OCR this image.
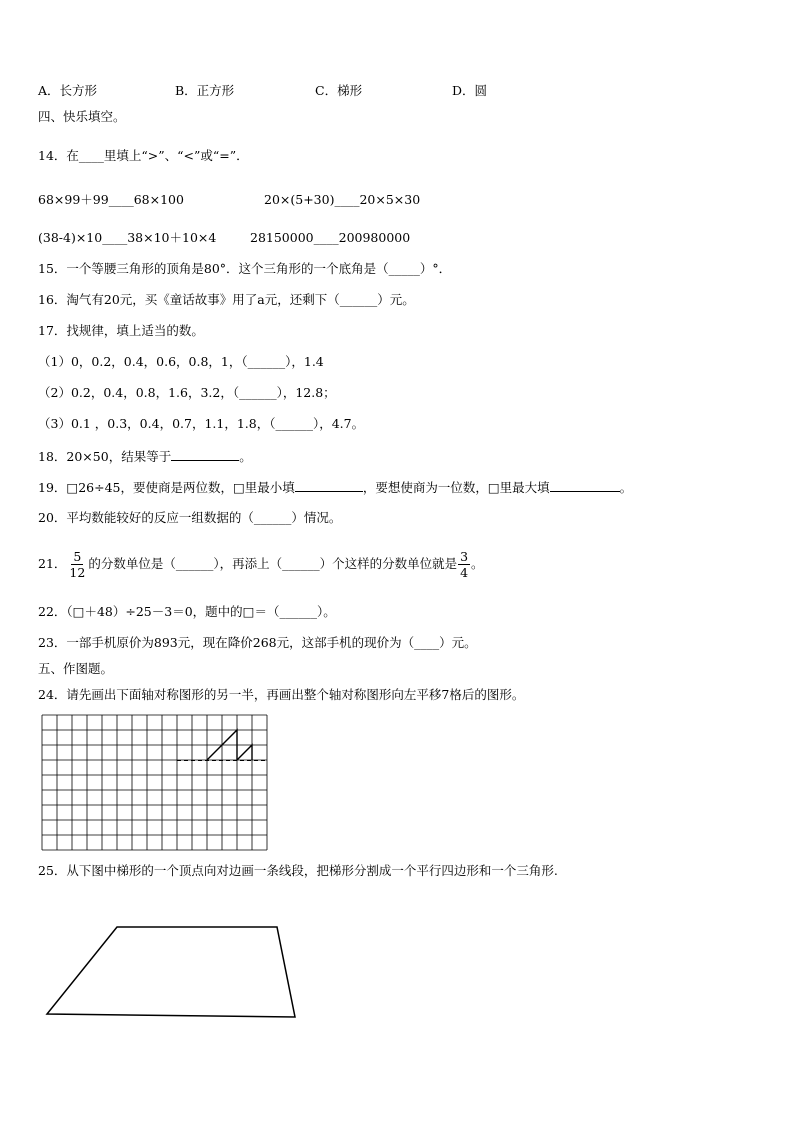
A．长方形	B．正方形	C．梯形	D．圆
四、快乐填空。
14．在____里填上“>”、“<”或“=”．
68×99＋99____68×100	20×(5+30)____20×5×30
(38-4)×10____38×10＋10×4	28150000____200980000
15．一个等腰三角形的顶角是80°．这个三角形的一个底角是（_____）°．
16．淘气有20元，买《童话故事》用了a元，还剩下（______）元。
17．找规律，填上适当的数。
（1）0，0.2，0.4，0.6，0.8，1，（______），1.4
（2）0.2，0.4，0.8，1.6，3.2，（______），12.8；
（3）0.1 ，0.3，0.4，0.7，1.1，1.8，（______），4.7。
18．20×50，结果等于	。
19．□26÷45，要使商是两位数，□里最小填	，要想使商为一位数，□里最大填	。
20．平均数能较好的反应一组数据的（______）情况。
21． $\frac{5}{12}$ 的分数单位是（______），再添上（______）个这样的分数单位就是 $\frac{3}{4}$ 。
22．（□＋48）÷25－3＝0，题中的□＝（______）。
23．一部手机原价为893元，现在降价268元，这部手机的现价为（____）元。
五、作图题。
24．请先画出下面轴对称图形的另一半，再画出整个轴对称图形向左平移7格后的图形。
25．从下图中梯形的一个顶点向对边画一条线段，把梯形分割成一个平行四边形和一个三角形.
